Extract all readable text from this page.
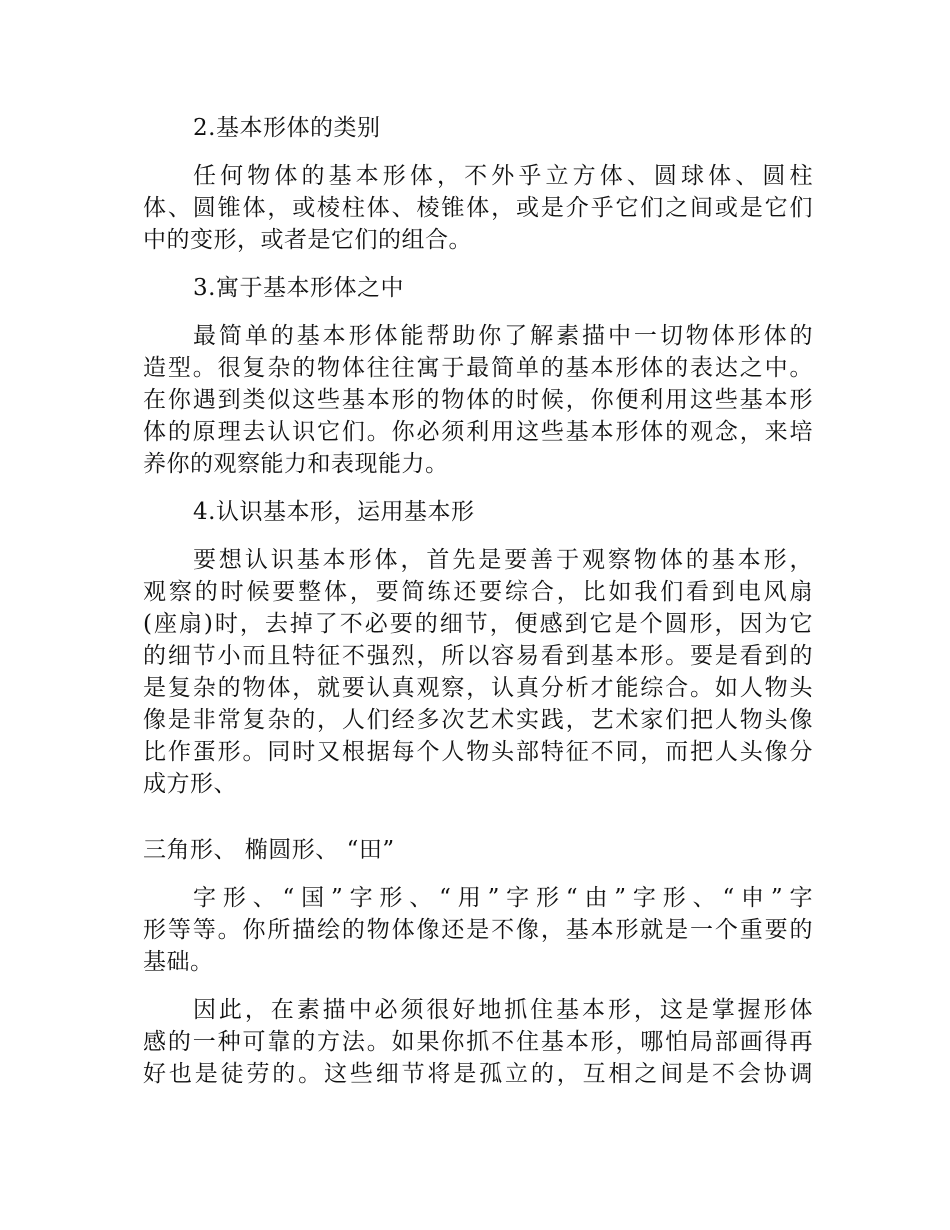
2.基本形体的类别
任何物体的基本形体，不外乎立方体、圆球体、圆柱
体、圆锥体，或棱柱体、棱锥体，或是介乎它们之间或是它们
中的变形，或者是它们的组合。
3.寓于基本形体之中
最简单的基本形体能帮助你了解素描中一切物体形体的
造型。很复杂的物体往往寓于最简单的基本形体的表达之中。
在你遇到类似这些基本形的物体的时候，你便利用这些基本形
体的原理去认识它们。你必须利用这些基本形体的观念，来培
养你的观察能力和表现能力。
4.认识基本形，运用基本形
要想认识基本形体，首先是要善于观察物体的基本形，
观察的时候要整体，要简练还要综合，比如我们看到电风扇
(座扇)时，去掉了不必要的细节，便感到它是个圆形，因为它
的细节小而且特征不强烈，所以容易看到基本形。要是看到的
是复杂的物体，就要认真观察，认真分析才能综合。如人物头
像是非常复杂的，人们经多次艺术实践，艺术家们把人物头像
比作蛋形。同时又根据每个人物头部特征不同，而把人头像分
成方形、
三角形、 椭圆形、 “田”
字形、“国”字形、“用”字形“由”字形、“申”字
形等等。你所描绘的物体像还是不像，基本形就是一个重要的
基础。
因此，在素描中必须很好地抓住基本形，这是掌握形体
感的一种可靠的方法。如果你抓不住基本形，哪怕局部画得再
好也是徒劳的。这些细节将是孤立的，互相之间是不会协调
